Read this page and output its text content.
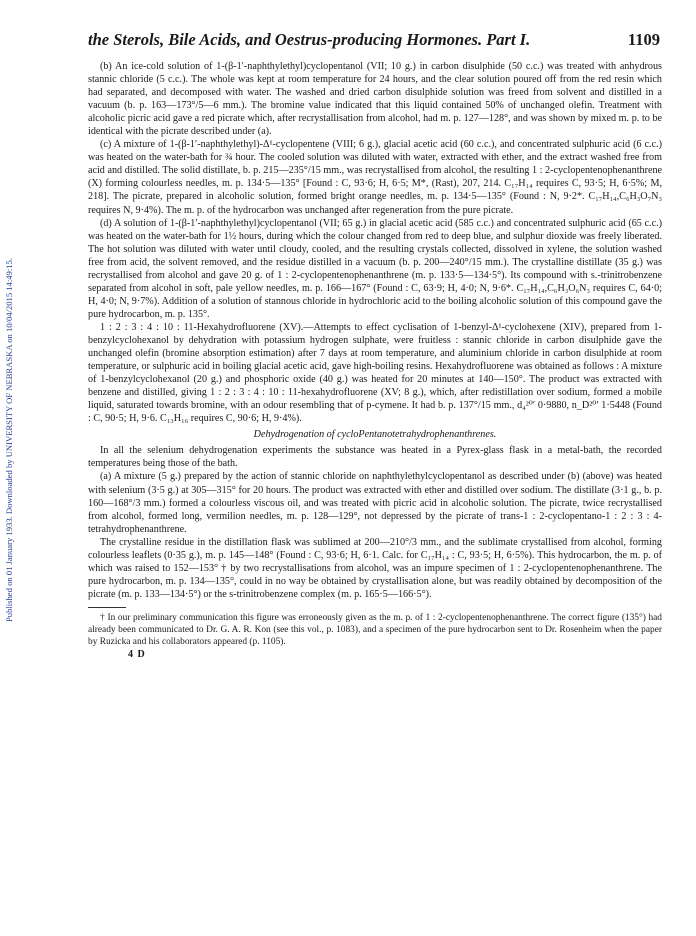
Published on 01 January 1933. Downloaded by UNIVERSITY OF NEBRASKA on 10/04/2015 14:49:15.
the Sterols, Bile Acids, and Oestrus-producing Hormones. Part I.	1109

(b) An ice-cold solution of 1-(β-1′-naphthylethyl)cyclopentanol (VII; 10 g.) in carbon disulphide (50 c.c.) was treated with anhydrous stannic chloride (5 c.c.). The whole was kept at room temperature for 24 hours, and the clear solution poured off from the red resin which had separated, and decomposed with water. The washed and dried carbon disulphide solution was freed from solvent and distilled in a vacuum (b. p. 163—173°/5—6 mm.). The bromine value indicated that this liquid contained 50% of unchanged olefin. Treatment with alcoholic picric acid gave a red picrate which, after recrystallisation from alcohol, had m. p. 127—128°, and was shown by mixed m. p. to be identical with the picrate described under (a).

(c) A mixture of 1-(β-1′-naphthylethyl)-Δ¹-cyclopentene (VIII; 6 g.), glacial acetic acid (60 c.c.), and concentrated sulphuric acid (6 c.c.) was heated on the water-bath for ¾ hour. The cooled solution was diluted with water, extracted with ether, and the extract washed free from acid and distilled. The solid distillate, b. p. 215—235°/15 mm., was recrystallised from alcohol, the resulting 1 : 2-cyclopentenophenanthrene (X) forming colourless needles, m. p. 134·5—135° [Found : C, 93·6; H, 6·5; M*, (Rast), 207, 214. C₁₇H₁₄ requires C, 93·5; H, 6·5%; M, 218]. The picrate, prepared in alcoholic solution, formed bright orange needles, m. p. 134·5—135° (Found : N, 9·2*. C₁₇H₁₄,C₆H₃O₇N₃ requires N, 9·4%). The m. p. of the hydrocarbon was unchanged after regeneration from the pure picrate.

(d) A solution of 1-(β-1′-naphthylethyl)cyclopentanol (VII; 65 g.) in glacial acetic acid (585 c.c.) and concentrated sulphuric acid (65 c.c.) was heated on the water-bath for 1½ hours, during which the colour changed from red to deep blue, and sulphur dioxide was freely liberated. The hot solution was diluted with water until cloudy, cooled, and the resulting crystals collected, dissolved in xylene, the solution washed free from acid, the solvent removed, and the residue distilled in a vacuum (b. p. 200—240°/15 mm.). The crystalline distillate (35 g.) was recrystallised from alcohol and gave 20 g. of 1 : 2-cyclopentenophenanthrene (m. p. 133·5—134·5°). Its compound with s.-trinitrobenzene separated from alcohol in soft, pale yellow needles, m. p. 166—167° (Found : C, 63·9; H, 4·0; N, 9·6*. C₁₇H₁₄,C₆H₃O₆N₃ requires C, 64·0; H, 4·0; N, 9·7%). Addition of a solution of stannous chloride in hydrochloric acid to the boiling alcoholic solution of this compound gave the pure hydrocarbon, m. p. 135°.

1 : 2 : 3 : 4 : 10 : 11-Hexahydrofluorene (XV).—Attempts to effect cyclisation of 1-benzyl-Δ¹-cyclohexene (XIV), prepared from 1-benzylcyclohexanol by dehydration with potassium hydrogen sulphate, were fruitless : stannic chloride in carbon disulphide gave the unchanged olefin (bromine absorption estimation) after 7 days at room temperature, and aluminium chloride in carbon disulphide at room temperature, or sulphuric acid in boiling glacial acetic acid, gave high-boiling resins. Hexahydrofluorene was obtained as follows : A mixture of 1-benzylcyclohexanol (20 g.) and phosphoric oxide (40 g.) was heated for 20 minutes at 140—150°. The product was extracted with benzene and distilled, giving 1 : 2 : 3 : 4 : 10 : 11-hexahydrofluorene (XV; 8 g.), which, after redistillation over sodium, formed a mobile liquid, saturated towards bromine, with an odour resembling that of p-cymene. It had b. p. 137°/15 mm., d₄²⁰′ 0·9880, n_D²⁰′ 1·5448 (Found : C, 90·5; H, 9·6. C₁₃H₁₆ requires C, 90·6; H, 9·4%).

Dehydrogenation of cycloPentanotetrahydrophenanthrenes.

In all the selenium dehydrogenation experiments the substance was heated in a Pyrex-glass flask in a metal-bath, the recorded temperatures being those of the bath.

(a) A mixture (5 g.) prepared by the action of stannic chloride on naphthylethylcyclopentanol as described under (b) (above) was heated with selenium (3·5 g.) at 305—315° for 20 hours. The product was extracted with ether and distilled over sodium. The distillate (3·1 g., b. p. 160—168°/3 mm.) formed a colourless viscous oil, and was treated with picric acid in alcoholic solution. The picrate, twice recrystallised from alcohol, formed long, vermilion needles, m. p. 128—129°, not depressed by the picrate of trans-1 : 2-cyclopentano-1 : 2 : 3 : 4-tetrahydrophenanthrene.

The crystalline residue in the distillation flask was sublimed at 200—210°/3 mm., and the sublimate crystallised from alcohol, forming colourless leaflets (0·35 g.), m. p. 145—148° (Found : C, 93·6; H, 6·1. Calc. for C₁₇H₁₄ : C, 93·5; H, 6·5%). This hydrocarbon, the m. p. of which was raised to 152—153° † by two recrystallisations from alcohol, was an impure specimen of 1 : 2-cyclopentenophenanthrene. The pure hydrocarbon, m. p. 134—135°, could in no way be obtained by crystallisation alone, but was readily obtained by decomposition of the picrate (m. p. 133—134·5°) or the s-trinitrobenzene complex (m. p. 165·5—166·5°).

† In our preliminary communication this figure was erroneously given as the m. p. of 1 : 2-cyclopentenophenanthrene. The correct figure (135°) had already been communicated to Dr. G. A. R. Kon (see this vol., p. 1083), and a specimen of the pure hydrocarbon sent to Dr. Rosenheim when the paper by Ruzicka and his collaborators appeared (p. 1105).

4 D
